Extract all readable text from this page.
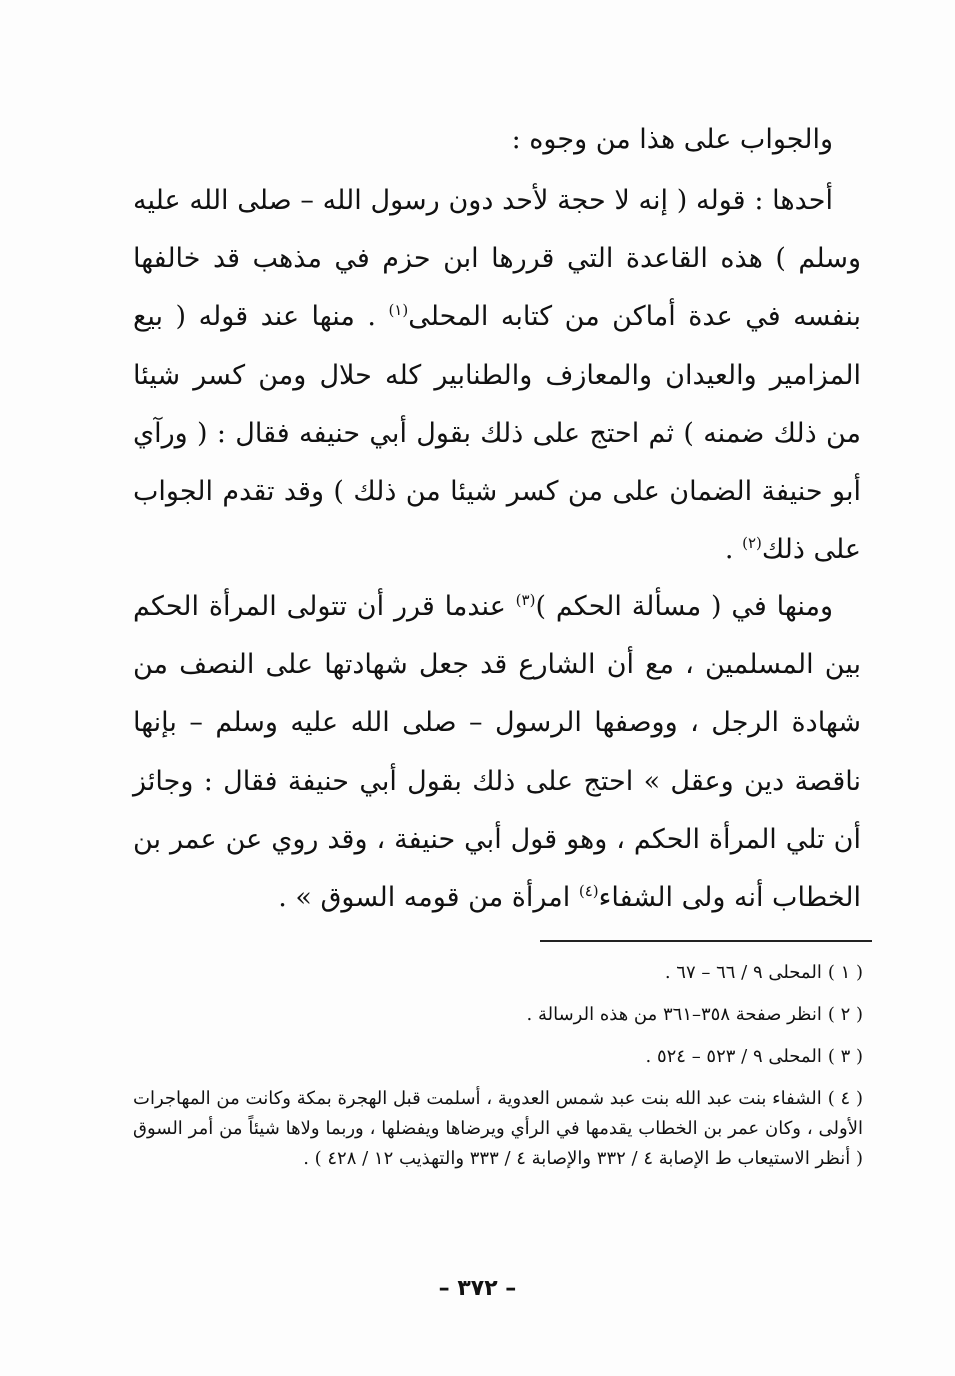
والجواب على هذا من وجوه :

أحدها : قوله ( إنه لا حجة لأحد دون رسول الله – صلى الله عليه وسلم ) هذه القاعدة التي قررها ابن حزم في مذهب قد خالفها بنفسه في عدة أماكن من كتابه المحلى$^{(١)}$ . منها عند قوله ( بيع المزامير والعيدان والمعازف والطنابير كله حلال ومن كسر شيئا من ذلك ضمنه ) ثم احتج على ذلك بقول أبي حنيفه فقال : ( ورآي أبو حنيفة الضمان على من كسر شيئا من ذلك ) وقد تقدم الجواب على ذلك$^{(٢)}$ .

ومنها في ( مسألة الحكم )$^{(٣)}$ عندما قرر أن تتولى المرأة الحكم بين المسلمين ، مع أن الشارع قد جعل شهادتها على النصف من شهادة الرجل ، ووصفها الرسول – صلى الله عليه وسلم – بإنها ناقصة دين وعقل » احتج على ذلك بقول أبي حنيفة فقال : وجائز أن تلي المرأة الحكم ، وهو قول أبي حنيفة ، وقد روي عن عمر بن الخطاب أنه ولى الشفاء$^{(٤)}$ امرأة من قومه السوق » .

( ١ )المحلى ٩ / ٦٦ – ٦٧ .

( ٢ )انظر صفحة ٣٥٨–٣٦١ من هذه الرسالة .

( ٣ )المحلى ٩ / ٥٢٣ – ٥٢٤ .

( ٤ )الشفاء بنت عبد الله بنت عبد شمس العدوية ، أسلمت قبل الهجرة بمكة وكانت من المهاجرات الأولى ، وكان عمر بن الخطاب يقدمها في الرأي ويرضاها ويفضلها ، وربما ولاها شيئاً من أمر السوق ( أنظر الاستيعاب ط الإصابة ٤ / ٣٣٢ والإصابة ٤ / ٣٣٣ والتهذيب ١٢ / ٤٢٨ ) .

– ٣٧٢ –
